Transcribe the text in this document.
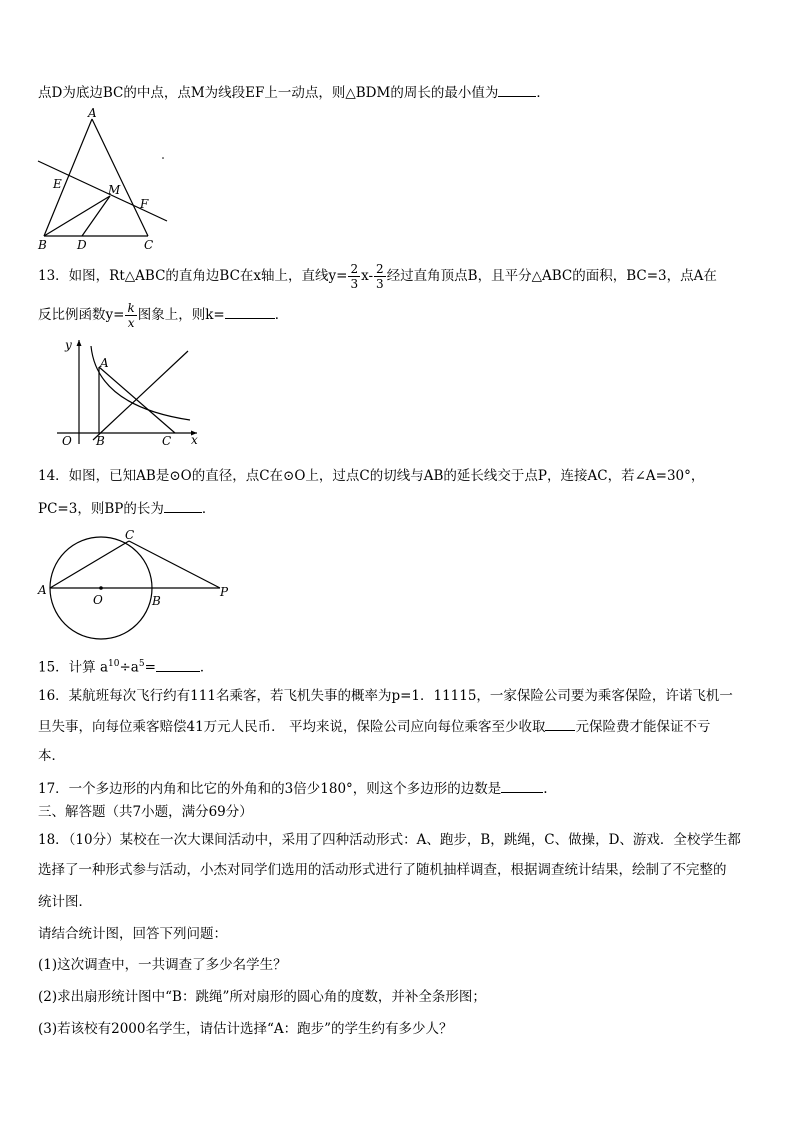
点D为底边BC的中点，点M为线段EF上一动点，则△BDM的周长的最小值为	．
A
E	M
F
B	D	C
13．如图，Rt△ABC的直角边BC在x轴上，直线$y= \frac{2}{3} x- \frac{2}{3}$ 经过直角顶点B，且平分△ABC的面积，BC=3，点A在
反比例函数$y= \frac{k}{x}$ 图象上，则k=	．
y
A
O B	C x
14．如图，已知AB是⊙O的直径，点C在⊙O上，过点C的切线与AB的延长线交于点P，连接AC，若∠A=30°，
PC=3，则BP的长为	．
A
O	B
C
P
15．计算 $a^{10}\div a^5=$	．
16．某航班每次飞行约有111名乘客，若飞机失事的概率为p=1．11115，一家保险公司要为乘客保险，许诺飞机一
旦失事，向每位乘客赔偿41万元人民币． 平均来说，保险公司应向每位乘客至少收取 元保险费才能保证不亏
本．
17．一个多边形的内角和比它的外角和的3倍少180°，则这个多边形的边数是	.
三、解答题（共7小题，满分69分）
18．（10分）某校在一次大课间活动中，采用了四种活动形式：A、跑步，B，跳绳，C、做操，D、游戏．全校学生都
选择了一种形式参与活动，小杰对同学们选用的活动形式进行了随机抽样调查，根据调查统计结果，绘制了不完整的
统计图．
请结合统计图，回答下列问题：
(1)这次调查中，一共调查了多少名学生？
(2)求出扇形统计图中“B：跳绳”所对扇形的圆心角的度数，并补全条形图；
(3)若该校有2000名学生，请估计选择“A：跑步”的学生约有多少人？
